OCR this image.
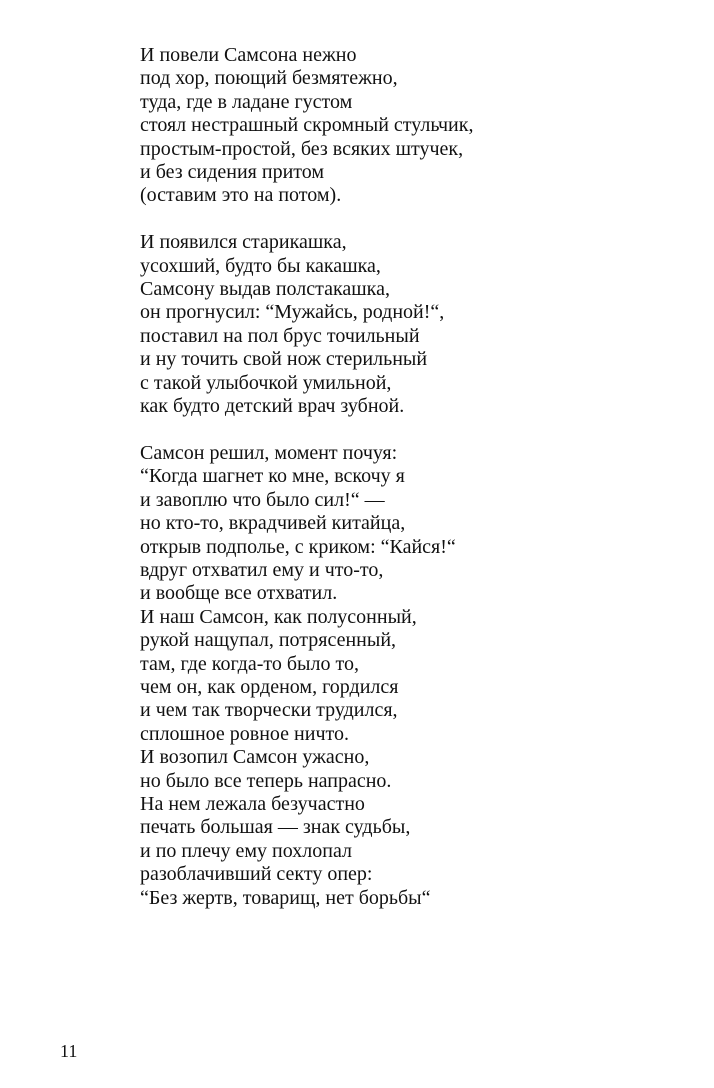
И повели Самсона нежно
под хор, поющий безмятежно,
туда, где в ладане густом
стоял нестрашный скромный стульчик,
простым-простой, без всяких штучек,
и без сидения притом
(оставим это на потом).
И появился старикашка,
усохший, будто бы какашка,
Самсону выдав полстакашка,
он прогнусил: “Мужайсь, родной!“,
поставил на пол брус точильный
и ну точить свой нож стерильный
с такой улыбочкой умильной,
как будто детский врач зубной.
Самсон решил, момент почуя:
“Когда шагнет ко мне, вскочу я
и завоплю что было сил!“ —
но кто-то, вкрадчивей китайца,
открыв подполье, с криком: “Кайся!“
вдруг отхватил ему и что-то,
и вообще все отхватил.
И наш Самсон, как полусонный,
рукой нащупал, потрясенный,
там, где когда-то было то,
чем он, как орденом, гордился
и чем так творчески трудился,
сплошное ровное ничто.
И возопил Самсон ужасно,
но было все теперь напрасно.
На нем лежала безучастно
печать большая — знак судьбы,
и по плечу ему похлопал
разоблачивший секту опер:
“Без жертв, товарищ, нет борьбы“
11
